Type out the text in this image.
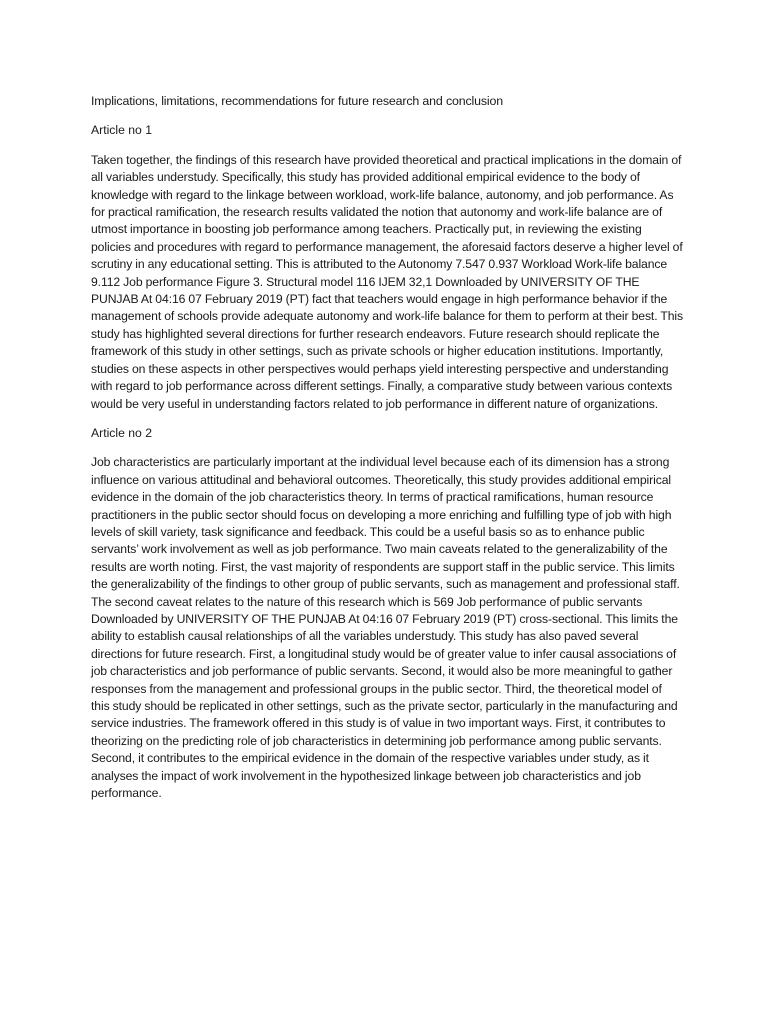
Implications, limitations, recommendations for future research and conclusion

Article no 1

Taken together, the findings of this research have provided theoretical and practical implications in the domain of all variables understudy. Specifically, this study has provided additional empirical evidence to the body of knowledge with regard to the linkage between workload, work-life balance, autonomy, and job performance. As for practical ramification, the research results validated the notion that autonomy and work-life balance are of utmost importance in boosting job performance among teachers. Practically put, in reviewing the existing policies and procedures with regard to performance management, the aforesaid factors deserve a higher level of scrutiny in any educational setting. This is attributed to the Autonomy 7.547 0.937 Workload Work-life balance 9.112 Job performance Figure 3. Structural model 116 IJEM 32,1 Downloaded by UNIVERSITY OF THE PUNJAB At 04:16 07 February 2019 (PT) fact that teachers would engage in high performance behavior if the management of schools provide adequate autonomy and work-life balance for them to perform at their best. This study has highlighted several directions for further research endeavors. Future research should replicate the framework of this study in other settings, such as private schools or higher education institutions. Importantly, studies on these aspects in other perspectives would perhaps yield interesting perspective and understanding with regard to job performance across different settings. Finally, a comparative study between various contexts would be very useful in understanding factors related to job performance in different nature of organizations.

Article no 2

Job characteristics are particularly important at the individual level because each of its dimension has a strong influence on various attitudinal and behavioral outcomes. Theoretically, this study provides additional empirical evidence in the domain of the job characteristics theory. In terms of practical ramifications, human resource practitioners in the public sector should focus on developing a more enriching and fulfilling type of job with high levels of skill variety, task significance and feedback. This could be a useful basis so as to enhance public servants’ work involvement as well as job performance. Two main caveats related to the generalizability of the results are worth noting. First, the vast majority of respondents are support staff in the public service. This limits the generalizability of the findings to other group of public servants, such as management and professional staff. The second caveat relates to the nature of this research which is 569 Job performance of public servants Downloaded by UNIVERSITY OF THE PUNJAB At 04:16 07 February 2019 (PT) cross-sectional. This limits the ability to establish causal relationships of all the variables understudy. This study has also paved several directions for future research. First, a longitudinal study would be of greater value to infer causal associations of job characteristics and job performance of public servants. Second, it would also be more meaningful to gather responses from the management and professional groups in the public sector. Third, the theoretical model of this study should be replicated in other settings, such as the private sector, particularly in the manufacturing and service industries. The framework offered in this study is of value in two important ways. First, it contributes to theorizing on the predicting role of job characteristics in determining job performance among public servants. Second, it contributes to the empirical evidence in the domain of the respective variables under study, as it analyses the impact of work involvement in the hypothesized linkage between job characteristics and job performance.
